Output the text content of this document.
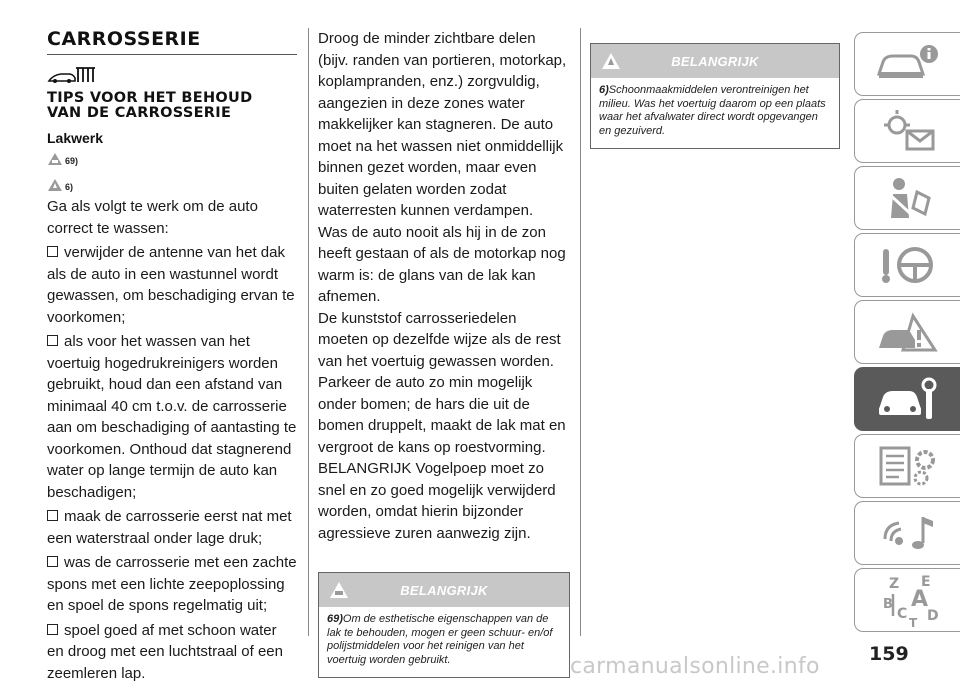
CARROSSERIE
TIPS VOOR HET BEHOUD
VAN DE CARROSSERIE
Lakwerk
69)
6)

Ga als volgt te werk om de auto correct te wassen:

verwijder de antenne van het dak als de auto in een wastunnel wordt gewassen, om beschadiging ervan te voorkomen;

als voor het wassen van het voertuig hogedrukreinigers worden gebruikt, houd dan een afstand van minimaal 40 cm t.o.v. de carrosserie aan om beschadiging of aantasting te voorkomen. Onthoud dat stagnerend water op lange termijn de auto kan beschadigen;

maak de carrosserie eerst nat met een waterstraal onder lage druk;

was de carrosserie met een zachte spons met een lichte zeepoplossing en spoel de spons regelmatig uit;

spoel goed af met schoon water en droog met een luchtstraal of een zeemleren lap.

Droog de minder zichtbare delen (bijv. randen van portieren, motorkap, koplampranden, enz.) zorgvuldig, aangezien in deze zones water makkelijker kan stagneren. De auto moet na het wassen niet onmiddellijk binnen gezet worden, maar even buiten gelaten worden zodat waterresten kunnen verdampen.

Was de auto nooit als hij in de zon heeft gestaan of als de motorkap nog warm is: de glans van de lak kan afnemen.

De kunststof carrosseriedelen moeten op dezelfde wijze als de rest van het voertuig gewassen worden.

Parkeer de auto zo min mogelijk onder bomen; de hars die uit de bomen druppelt, maakt de lak mat en vergroot de kans op roestvorming.

BELANGRIJK Vogelpoep moet zo snel en zo goed mogelijk verwijderd worden, omdat hierin bijzonder agressieve zuren aanwezig zijn.

BELANGRIJK
69)Om de esthetische eigenschappen van de lak te behouden, mogen er geen schuur- en/of polijstmiddelen voor het reinigen van het voertuig worden gebruikt.
BELANGRIJK
6)Schoonmaakmiddelen verontreinigen het milieu. Was het voertuig daarom op een plaats waar het afvalwater direct wordt opgevangen en gezuiverd.
Z E
B A
C D
T
159
carmanualsonline.info
